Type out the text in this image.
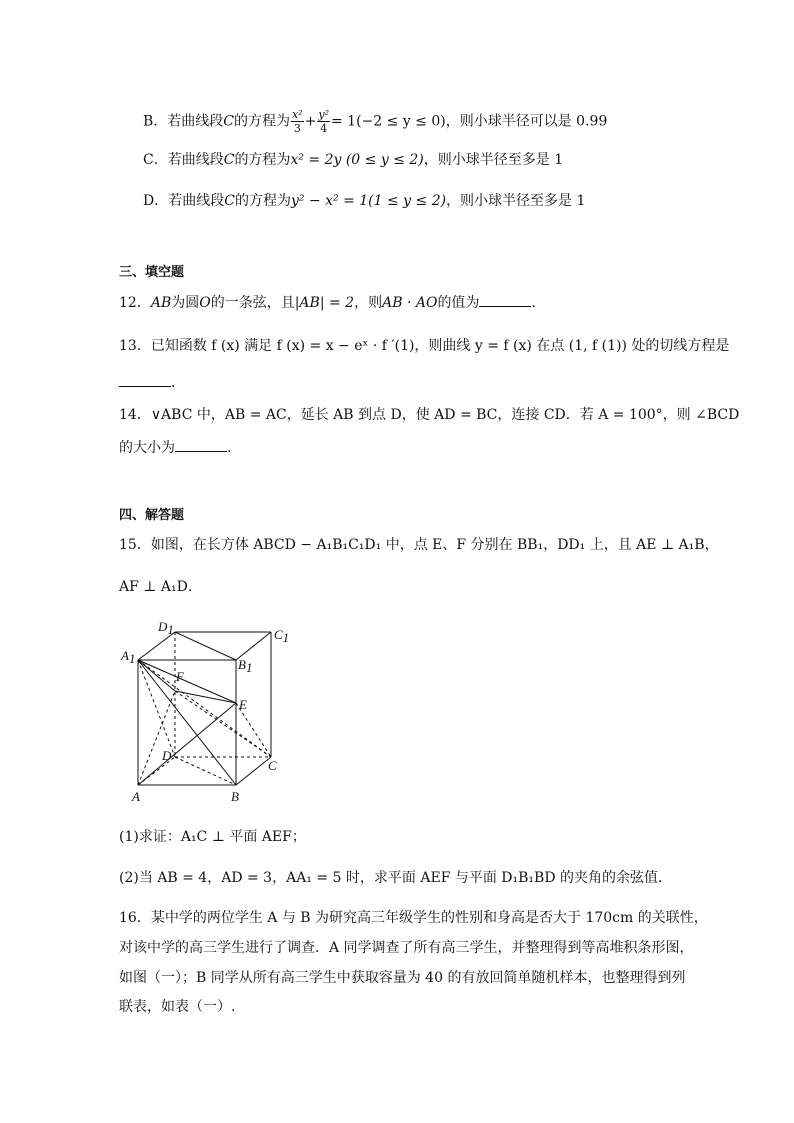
B．若曲线段C的方程为 $\frac{\text{x²}}{3} + \frac{\text{y²}}{4} = 1(-2 \le y \le 0)$，则小球半径可以是 0.99
C．若曲线段C的方程为x² = 2y (0 ≤ y ≤ 2)，则小球半径至多是 1
D．若曲线段C的方程为y² − x² = 1(1 ≤ y ≤ 2)，则小球半径至多是 1
三、填空题
12．AB为圆O的一条弦，且|AB| = 2，则AB · AO的值为	.
13．已知函数 f (x) 满足 f (x) = x − eˣ · f ′(1)，则曲线 y = f (x) 在点 (1, f (1)) 处的切线方程是
.
14．∨ABC 中，AB = AC，延长 AB 到点 D，使 AD = BC，连接 CD．若 A = 100°，则 ∠BCD
的大小为	.
四、解答题
15．如图，在长方体 ABCD − A₁B₁C₁D₁ 中，点 E、F 分别在 BB₁，DD₁ 上，且 AE ⊥ A₁B，
AF ⊥ A₁D．
D1	C1
A1	B1
F
E
D
C
A	B
(1)求证：A₁C ⊥ 平面 AEF；
(2)当 AB = 4，AD = 3，AA₁ = 5 时，求平面 AEF 与平面 D₁B₁BD 的夹角的余弦值．
16．某中学的两位学生 A 与 B 为研究高三年级学生的性别和身高是否大于 170cm 的关联性，
对该中学的高三学生进行了调查．A 同学调查了所有高三学生，并整理得到等高堆积条形图，
如图（一）；B 同学从所有高三学生中获取容量为 40 的有放回简单随机样本，也整理得到列
联表，如表（一）.
